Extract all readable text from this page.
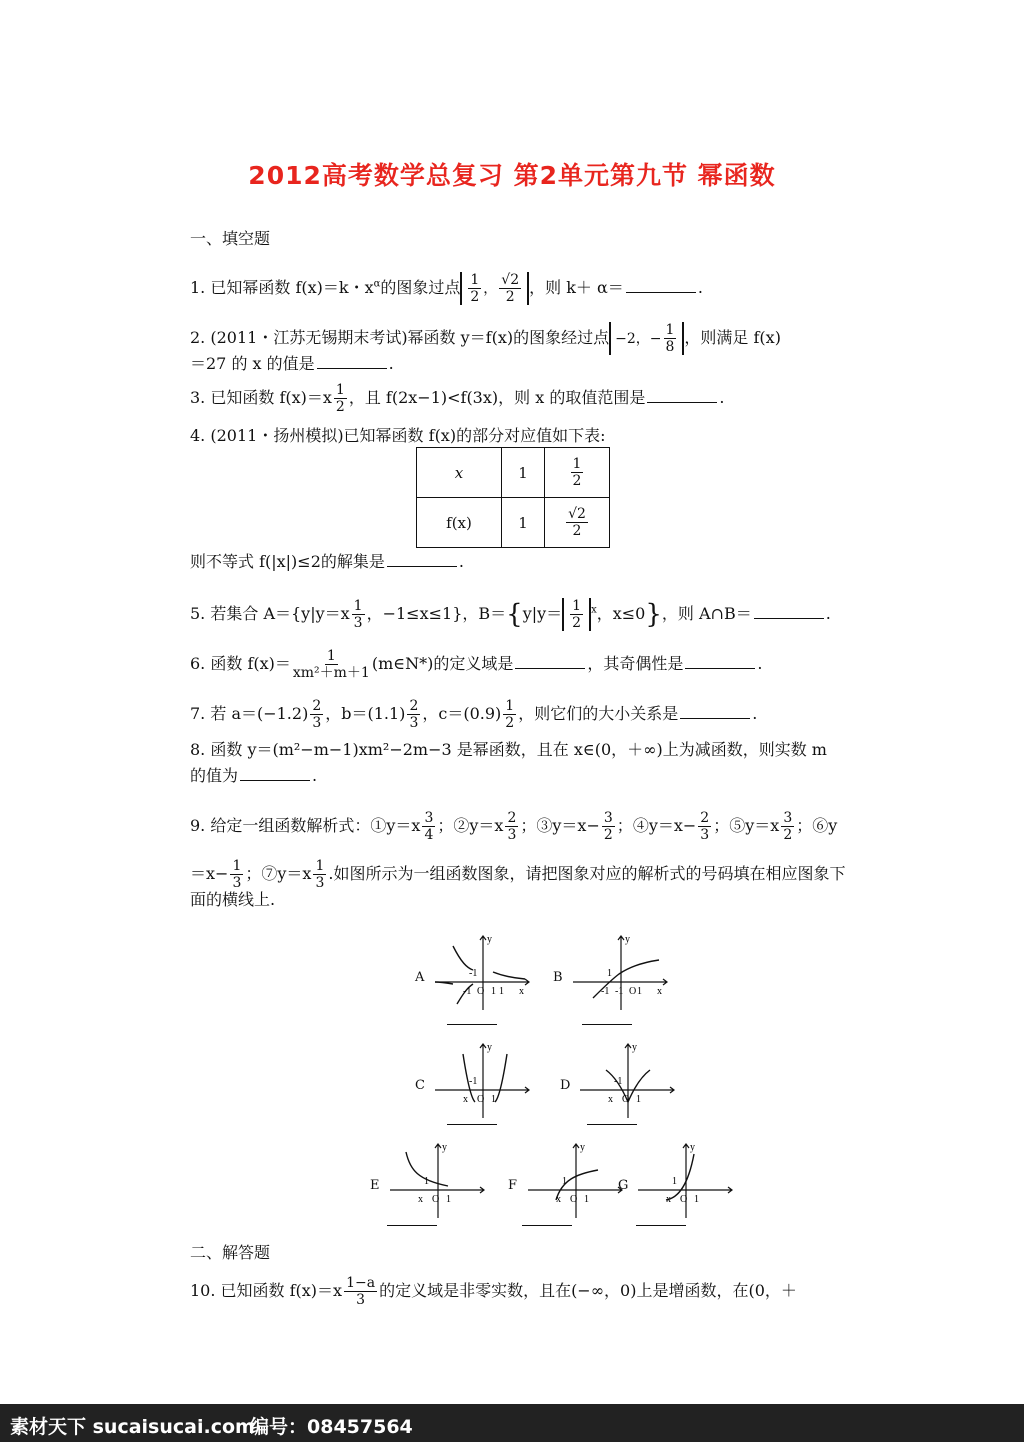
2012高考数学总复习 第2单元第九节 幂函数
一、填空题
1. 已知幂函数 f(x)＝k・$x^\alpha$的图象过点 $\frac{1}{2}$ ， $\frac{√2}{2}$ ，则 k＋ α＝	.
2. (2011・江苏无锡期末考试)幂函数 y＝f(x)的图象经过点 −2， − $\frac{1}{8}$ ，则满足 f(x)
＝27 的 x 的值是	.
3. 已知函数 $f(x)=x \frac{1}{2}$ ，且 f(2x−1)<f(3x)，则 x 的取值范围是	.
4. (2011・扬州模拟)已知幂函数 f(x)的部分对应值如下表:
x	1	$\frac{1}{2}$

f(x)	1	$\frac{√2}{2}$
则不等式 f(|x|)≤2的解集是	.
5. 若集合 $A=\{y|y=x \frac{1}{3}$ ，−1≤x≤1}，$B=\{y|y= \frac{1}{2} ^x$，x≤0}，则 A∩B＝	.
6. 函数 $f(x)= \frac{1}{\text{xm²＋m＋1}}$ (m∈N*)的定义域是	，其奇偶性是	.
7. 若 $a=(-1.2) \frac{2}{3}$ ，$b=(1.1) \frac{2}{3}$ ，$c=(0.9) \frac{1}{2}$ ，则它们的大小关系是	.
8. 函数 y＝(m²−m−1)xm²−2m−3 是幂函数，且在 x∈(0，＋∞)上为减函数，则实数 m
的值为	.
9. 给定一组函数解析式：①y＝x $\frac{3}{4}$ ；②y＝x $\frac{2}{3}$ ；③y＝x− $\frac{3}{2}$ ；④y＝x− $\frac{2}{3}$ ；⑤y＝x $\frac{3}{2}$ ；⑥y
$=x- \frac{1}{3}$ ；⑦y＝x $\frac{1}{3}$ .如图所示为一组函数图象，请把图象对应的解析式的号码填在相应图象下
面的横线上.
A
y
-1
O 1
-1	1 x
B
y
1
-1 O
-1	1 x
C
y
-1
O 1
x
D
y
-1
O 1
x
E
y
1
O 1
x
F
y
1
O 1
x
G
y
1
O 1
x
二、解答题
10. 已知函数 $f(x)=x \frac{1-a}{3}$ 的定义域是非零实数，且在(−∞，0)上是增函数，在(0，＋
素材天下 sucaisucai.com
编号：08457564
